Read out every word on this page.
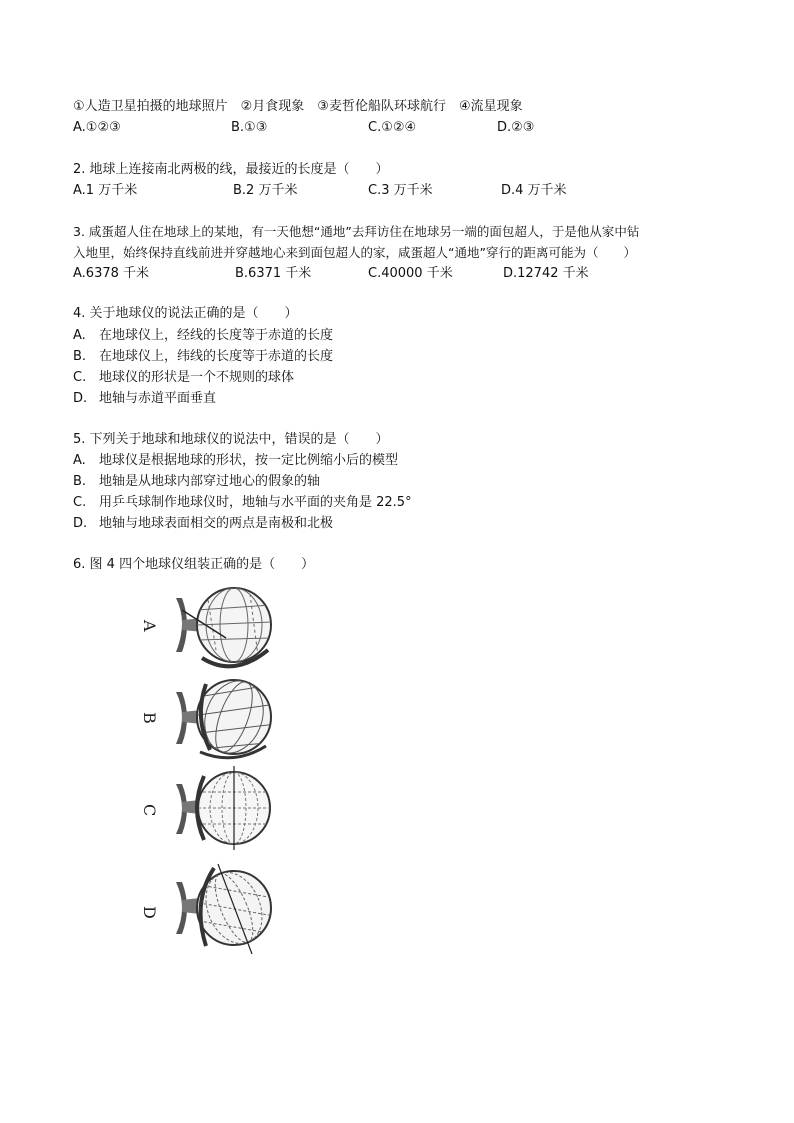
①人造卫星拍摄的地球照片　②月食现象　③麦哲伦船队环球航行　④流星现象
A.①②③	B.①③	C.①②④	D.②③
2. 地球上连接南北两极的线，最接近的长度是（　　）
A.1 万千米	B.2 万千米	C.3 万千米	D.4 万千米
3. 咸蛋超人住在地球上的某地，有一天他想“通地”去拜访住在地球另一端的面包超人，于是他从家中钻
入地里，始终保持直线前进并穿越地心来到面包超人的家，咸蛋超人“通地”穿行的距离可能为（　　）
A.6378 千米	B.6371 千米	C.40000 千米	D.12742 千米
4. 关于地球仪的说法正确的是（　　）
A. 在地球仪上，经线的长度等于赤道的长度
B. 在地球仪上，纬线的长度等于赤道的长度
C. 地球仪的形状是一个不规则的球体
D. 地轴与赤道平面垂直
5. 下列关于地球和地球仪的说法中，错误的是（　　）
A. 地球仪是根据地球的形状，按一定比例缩小后的模型
B. 地轴是从地球内部穿过地心的假象的轴
C. 用乒乓球制作地球仪时，地轴与水平面的夹角是 22.5°
D. 地轴与地球表面相交的两点是南极和北极
6. 图 4 四个地球仪组装正确的是（　　）
A
B
C
D
